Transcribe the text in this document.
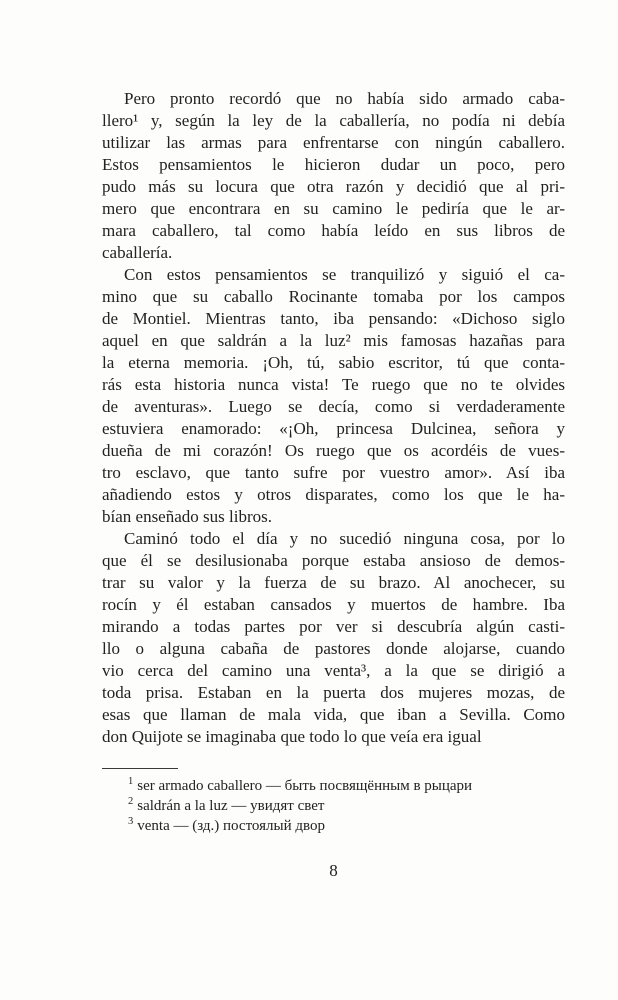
Pero pronto recordó que no había sido armado caba-
llero¹ y, según la ley de la caballería, no podía ni debía
utilizar las armas para enfrentarse con ningún caballero.
Estos pensamientos le hicieron dudar un poco, pero
pudo más su locura que otra razón y decidió que al pri-
mero que encontrara en su camino le pediría que le ar-
mara caballero, tal como había leído en sus libros de
caballería.
Con estos pensamientos se tranquilizó y siguió el ca-
mino que su caballo Rocinante tomaba por los campos
de Montiel. Mientras tanto, iba pensando: «Dichoso siglo
aquel en que saldrán a la luz² mis famosas hazañas para
la eterna memoria. ¡Oh, tú, sabio escritor, tú que conta-
rás esta historia nunca vista! Te ruego que no te olvides
de aventuras». Luego se decía, como si verdaderamente
estuviera enamorado: «¡Oh, princesa Dulcinea, señora y
dueña de mi corazón! Os ruego que os acordéis de vues-
tro esclavo, que tanto sufre por vuestro amor». Así iba
añadiendo estos y otros disparates, como los que le ha-
bían enseñado sus libros.
Caminó todo el día y no sucedió ninguna cosa, por lo
que él se desilusionaba porque estaba ansioso de demos-
trar su valor y la fuerza de su brazo. Al anochecer, su
rocín y él estaban cansados y muertos de hambre. Iba
mirando a todas partes por ver si descubría algún casti-
llo o alguna cabaña de pastores donde alojarse, cuando
vio cerca del camino una venta³, a la que se dirigió a
toda prisa. Estaban en la puerta dos mujeres mozas, de
esas que llaman de mala vida, que iban a Sevilla. Como
don Quijote se imaginaba que todo lo que veía era igual
$^1$ ser armado caballero — быть посвящённым в рыцари
$^2$ saldrán a la luz — увидят свет
$^3$ venta — (зд.) постоялый двор
8
